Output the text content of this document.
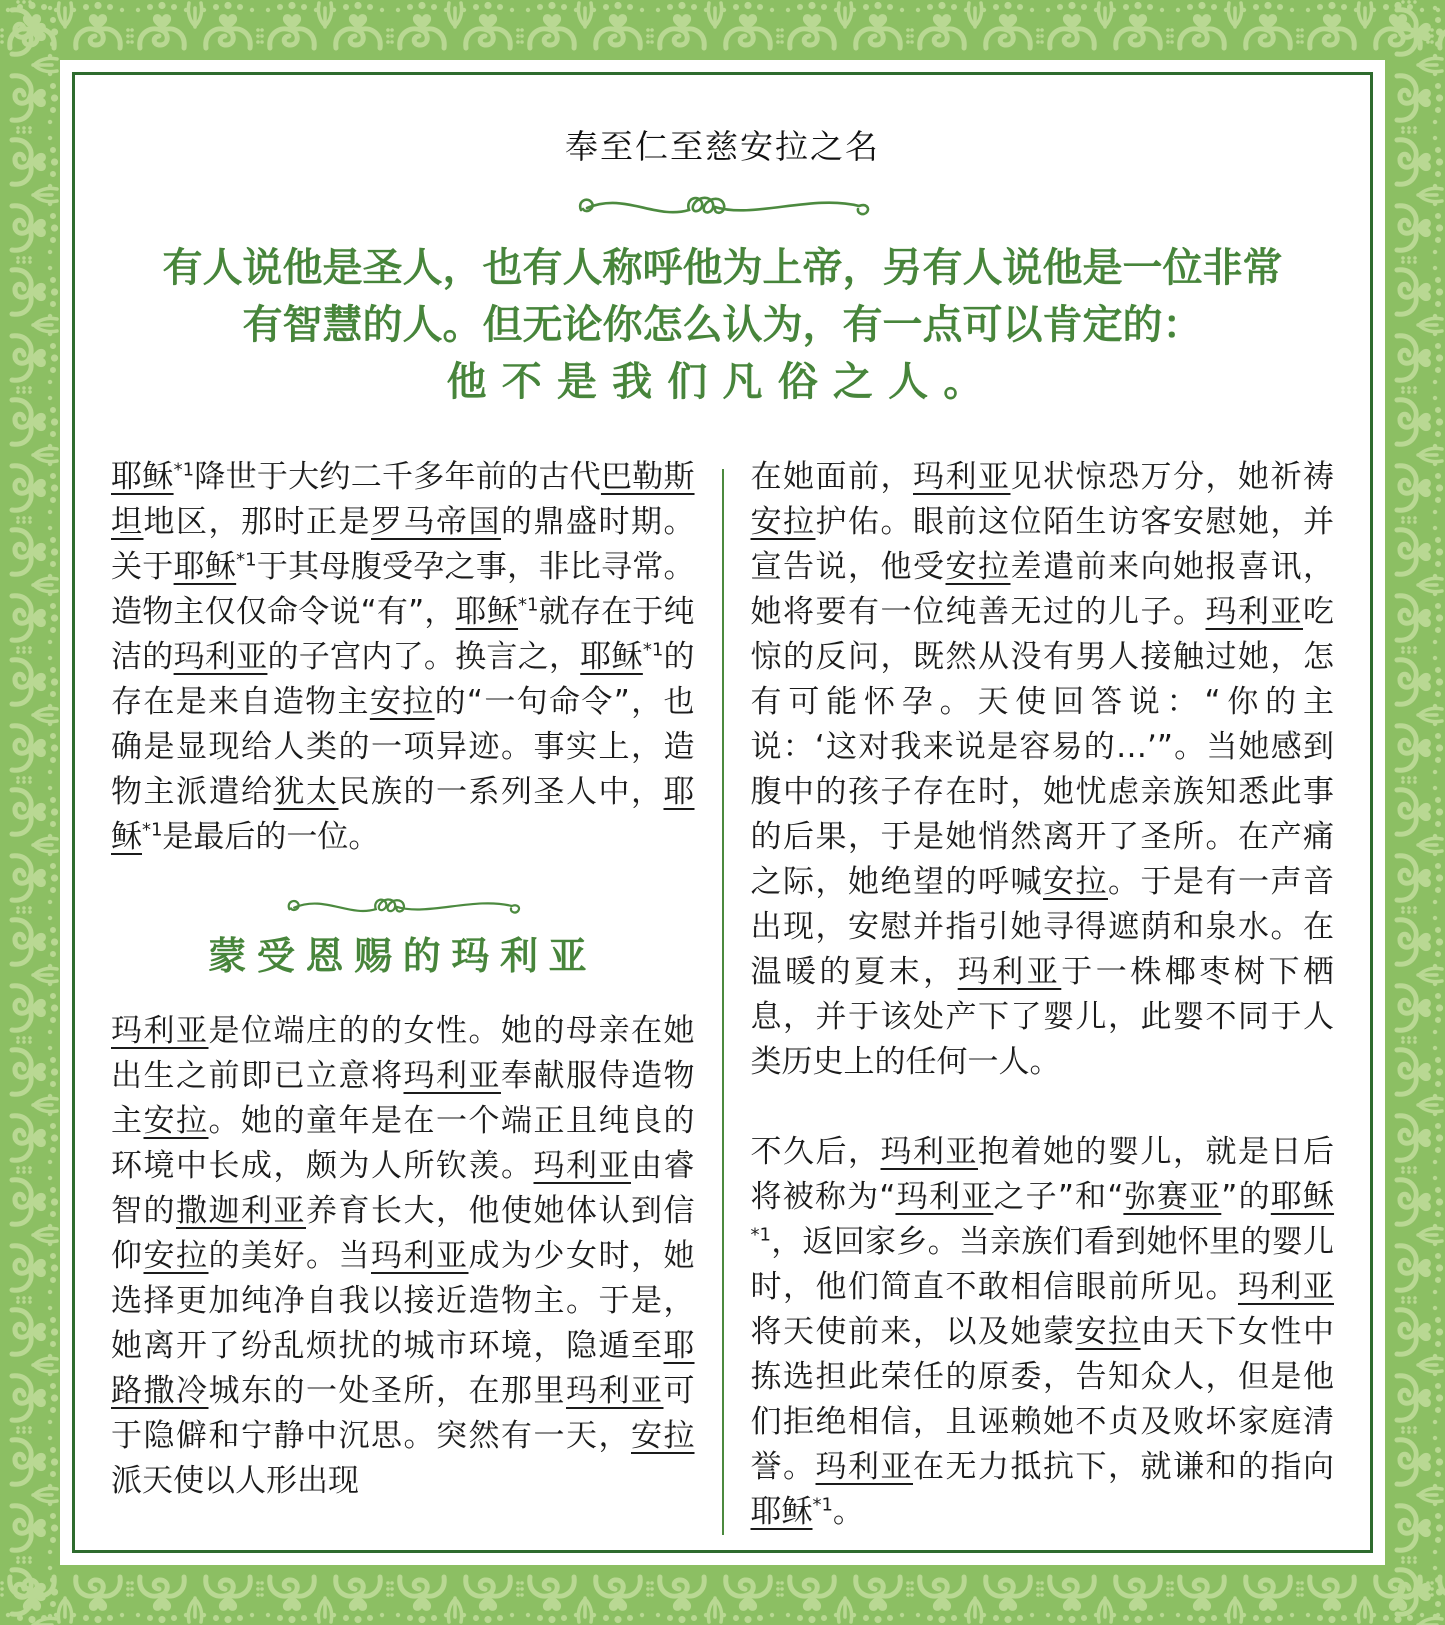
奉至仁至慈安拉之名
有人说他是圣人，也有人称呼他为上帝，另有人说他是一位非常
有智慧的人。但无论你怎么认为，有一点可以肯定的：
他不是我们凡俗之人。

耶稣$^{*1}$降世于大约二千多年前的古代巴勒斯坦地区，那时正是罗马帝国的鼎盛时期。关于耶稣$^{*1}$于其母腹受孕之事，非比寻常。造物主仅仅命令说“有”，耶稣$^{*1}$就存在于纯洁的玛利亚的子宫内了。换言之，耶稣$^{*1}$的存在是来自造物主安拉的“一句命令”，也确是显现给人类的一项异迹。事实上，造物主派遣给犹太民族的一系列圣人中，耶稣$^{*1}$是最后的一位。

蒙受恩赐的玛利亚

玛利亚是位端庄的的女性。她的母亲在她出生之前即已立意将玛利亚奉献服侍造物主安拉。她的童年是在一个端正且纯良的环境中长成，颇为人所钦羡。玛利亚由睿智的撒迦利亚养育长大，他使她体认到信仰安拉的美好。当玛利亚成为少女时，她选择更加纯净自我以接近造物主。于是，她离开了纷乱烦扰的城市环境，隐遁至耶路撒冷城东的一处圣所，在那里玛利亚可于隐僻和宁静中沉思。突然有一天，安拉派天使以人形出现

在她面前，玛利亚见状惊恐万分，她祈祷安拉护佑。眼前这位陌生访客安慰她，并宣告说，他受安拉差遣前来向她报喜讯，她将要有一位纯善无过的儿子。玛利亚吃惊的反问，既然从没有男人接触过她，怎有可能怀孕。天使回答说：“你的主说：‘这对我来说是容易的…’”。当她感到腹中的孩子存在时，她忧虑亲族知悉此事的后果，于是她悄然离开了圣所。在产痛之际，她绝望的呼喊安拉。于是有一声音出现，安慰并指引她寻得遮荫和泉水。在温暖的夏末，玛利亚于一株椰枣树下栖息，并于该处产下了婴儿，此婴不同于人类历史上的任何一人。

不久后，玛利亚抱着她的婴儿，就是日后将被称为“玛利亚之子”和“弥赛亚”的耶稣$^{*1}$，返回家乡。当亲族们看到她怀里的婴儿时，他们简直不敢相信眼前所见。玛利亚将天使前来，以及她蒙安拉由天下女性中拣选担此荣任的原委，告知众人，但是他们拒绝相信，且诬赖她不贞及败坏家庭清誉。玛利亚在无力抵抗下，就谦和的指向耶稣$^{*1}$。
